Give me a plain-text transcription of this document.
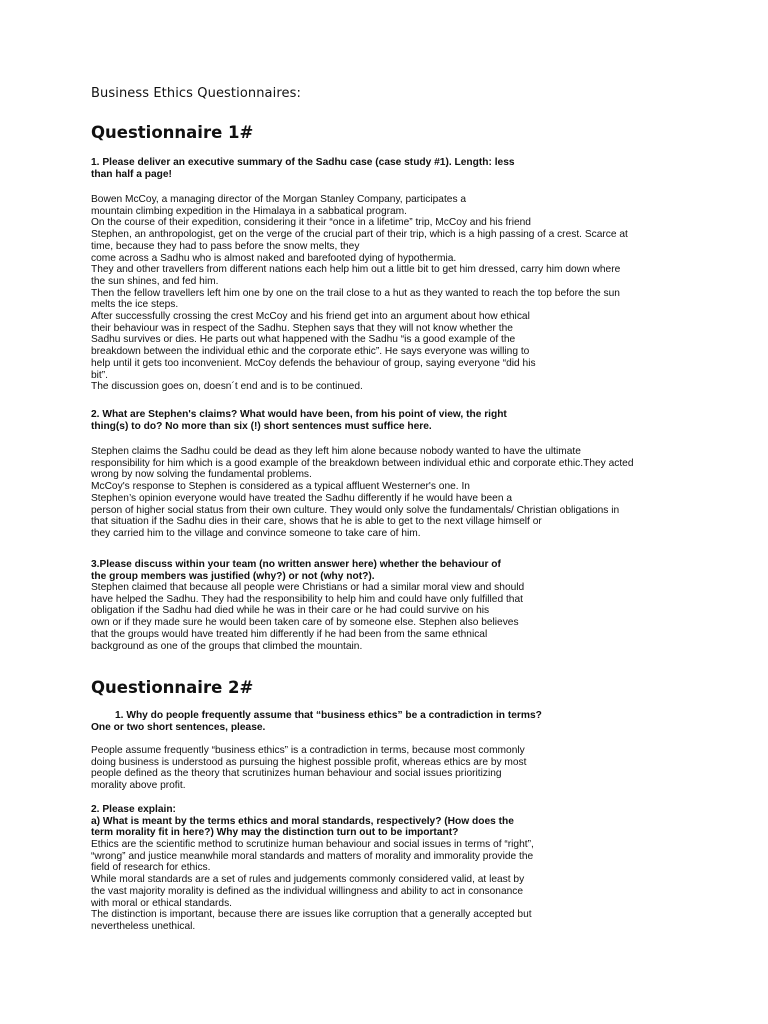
Business Ethics Questionnaires:
Questionnaire 1#
1. Please deliver an executive summary of the Sadhu case (case study #1). Length: less
than half a page!
Bowen McCoy, a managing director of the Morgan Stanley Company, participates a
mountain climbing expedition in the Himalaya in a sabbatical program.
On the course of their expedition, considering it their “once in a lifetime” trip, McCoy and his friend
Stephen, an anthropologist, get on the verge of the crucial part of their trip, which is a high passing of a crest. Scarce at
time, because they had to pass before the snow melts, they
come across a Sadhu who is almost naked and barefooted dying of hypothermia.
They and other travellers from different nations each help him out a little bit to get him dressed, carry him down where
the sun shines, and fed him.
Then the fellow travellers left him one by one on the trail close to a hut as they wanted to reach the top before the sun
melts the ice steps.
After successfully crossing the crest McCoy and his friend get into an argument about how ethical
their behaviour was in respect of the Sadhu. Stephen says that they will not know whether the
Sadhu survives or dies. He parts out what happened with the Sadhu “is a good example of the
breakdown between the individual ethic and the corporate ethic”. He says everyone was willing to
help until it gets too inconvenient. McCoy defends the behaviour of group, saying everyone “did his
bit”.
The discussion goes on, doesn´t end and is to be continued.
2. What are Stephen's claims? What would have been, from his point of view, the right
thing(s) to do? No more than six (!) short sentences must suffice here.
Stephen claims the Sadhu could be dead as they left him alone because nobody wanted to have the ultimate
responsibility for him which is a good example of the breakdown between individual ethic and corporate ethic.They acted
wrong by now solving the fundamental problems.
McCoy's response to Stephen is considered as a typical affluent Westerner's one. In
Stephen’s opinion everyone would have treated the Sadhu differently if he would have been a
person of higher social status from their own culture. They would only solve the fundamentals/ Christian obligations in
that situation if the Sadhu dies in their care, shows that he is able to get to the next village himself or
they carried him to the village and convince someone to take care of him.
3.Please discuss within your team (no written answer here) whether the behaviour of
the group members was justified (why?) or not (why not?).
Stephen claimed that because all people were Christians or had a similar moral view and should
have helped the Sadhu. They had the responsibility to help him and could have only fulfilled that
obligation if the Sadhu had died while he was in their care or he had could survive on his
own or if they made sure he would been taken care of by someone else. Stephen also believes
that the groups would have treated him differently if he had been from the same ethnical
background as one of the groups that climbed the mountain.
Questionnaire 2#
1. Why do people frequently assume that “business ethics” be a contradiction in terms?
One or two short sentences, please.
People assume frequently “business ethics” is a contradiction in terms, because most commonly
doing business is understood as pursuing the highest possible profit, whereas ethics are by most
people defined as the theory that scrutinizes human behaviour and social issues prioritizing
morality above profit.
2. Please explain:
a) What is meant by the terms ethics and moral standards, respectively? (How does the
term morality fit in here?) Why may the distinction turn out to be important?
Ethics are the scientific method to scrutinize human behaviour and social issues in terms of “right”,
“wrong” and justice meanwhile moral standards and matters of morality and immorality provide the
field of research for ethics.
While moral standards are a set of rules and judgements commonly considered valid, at least by
the vast majority morality is defined as the individual willingness and ability to act in consonance
with moral or ethical standards.
The distinction is important, because there are issues like corruption that a generally accepted but
nevertheless unethical.
